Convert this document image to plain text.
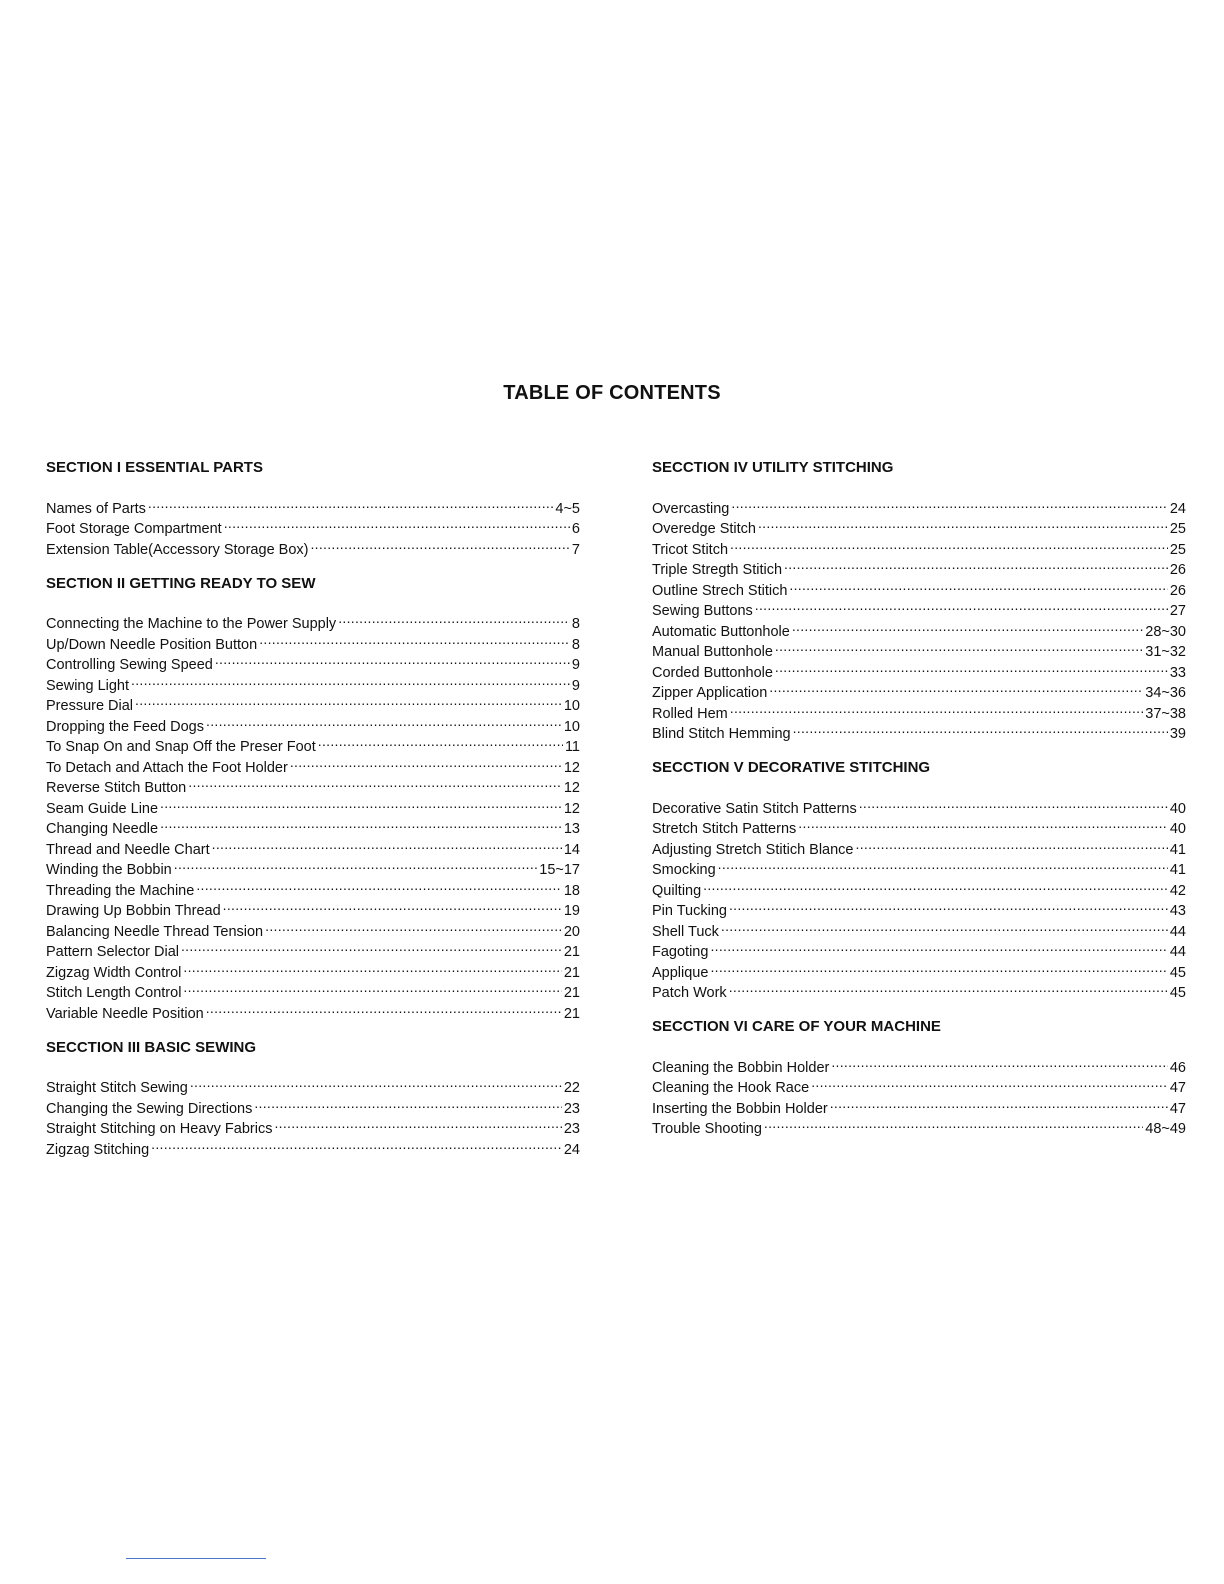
TABLE OF CONTENTS
SECTION I ESSENTIAL PARTS
Names of Parts .....	4~5
Foot Storage Compartment .....	6
Extension Table(Accessory Storage Box) .....	7
SECTION II GETTING READY TO SEW
Connecting the Machine to the Power Supply .....	8
Up/Down Needle Position Button .....	8
Controlling Sewing Speed .....	9
Sewing Light .....	9
Pressure Dial .....	10
Dropping the Feed Dogs .....	10
To Snap On and Snap Off the Preser Foot .....	11
To Detach and Attach the Foot Holder .....	12
Reverse Stitch Button .....	12
Seam Guide Line .....	12
Changing Needle .....	13
Thread and Needle Chart .....	14
Winding the Bobbin .....	15~17
Threading the Machine .....	18
Drawing Up Bobbin Thread .....	19
Balancing Needle Thread Tension .....	20
Pattern Selector Dial .....	21
Zigzag Width Control .....	21
Stitch Length Control .....	21
Variable Needle Position .....	21
SECCTION III BASIC SEWING
Straight Stitch Sewing .....	22
Changing the Sewing Directions .....	23
Straight Stitching on Heavy Fabrics .....	23
Zigzag Stitching .....	24
SECCTION IV UTILITY STITCHING
Overcasting .....	24
Overedge Stitch .....	25
Tricot Stitch .....	25
Triple Stregth Stitich .....	26
Outline Strech Stitich .....	26
Sewing Buttons .....	27
Automatic Buttonhole .....	28~30
Manual Buttonhole .....	31~32
Corded Buttonhole .....	33
Zipper Application .....	34~36
Rolled Hem .....	37~38
Blind Stitch Hemming .....	39
SECCTION V DECORATIVE STITCHING
Decorative Satin Stitch Patterns .....	40
Stretch Stitch Patterns .....	40
Adjusting Stretch Stitich Blance .....	41
Smocking .....	41
Quilting .....	42
Pin Tucking .....	43
Shell Tuck .....	44
Fagoting .....	44
Applique .....	45
Patch Work .....	45
SECCTION VI CARE OF YOUR MACHINE
Cleaning the Bobbin Holder .....	46
Cleaning the Hook Race .....	47
Inserting the Bobbin Holder .....	47
Trouble Shooting .....	48~49
